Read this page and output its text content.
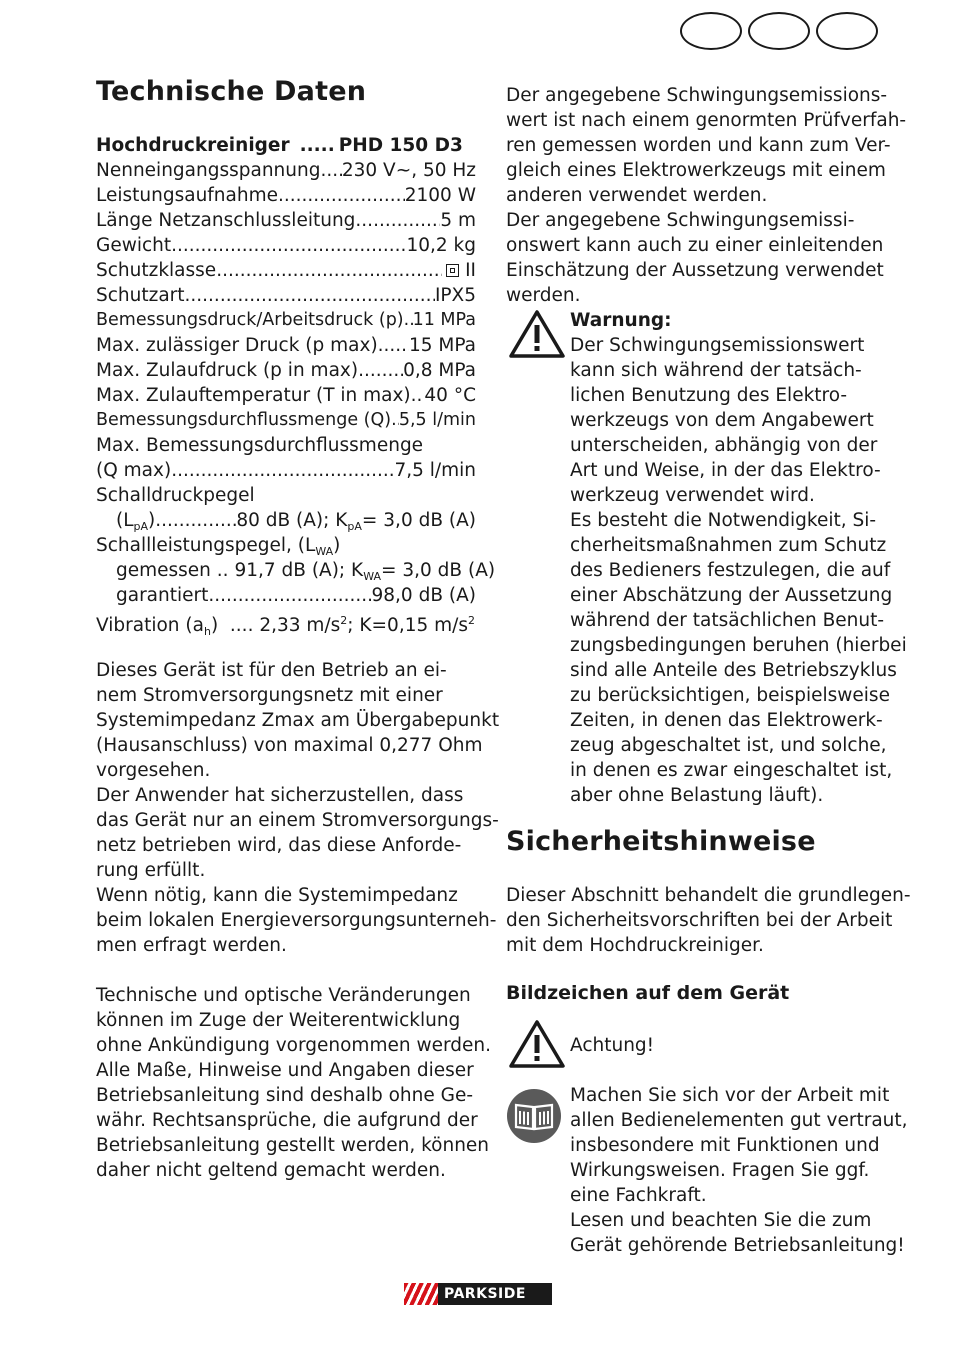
Technische Daten
Hochdruckreiniger ..... PHD 150 D3
Nenneingangsspannung ..... 230 V~, 50 Hz
Leistungsaufnahme .....	2100 W
Länge Netzanschlussleitung .....	5 m
Gewicht .....	10,2 kg
Schutzklasse .....	II
Schutzart .....	IPX5
Bemessungsdruck/Arbeitsdruck (p) ..... 11 MPa
Max. zulässiger Druck (p max) ..... 15 MPa
Max. Zulaufdruck (p in max) ..... 0,8 MPa
Max. Zulauftemperatur (T in max) ..... 40 °C
Bemessungsdurchflussmenge (Q) ..... 5,5 l/min
Max. Bemessungsdurchflussmenge
(Q max) .....	7,5 l/min
Schalldruckpegel
$(L_{pA})$ .....	80 dB (A); $K_{pA}= 3,0$ dB (A)
Schallleistungspegel, $(L_{WA})$
gemessen .. 91,7 dB (A); $K_{WA}= 3,0$ dB (A)
garantiert .....	98,0 dB (A)
Vibration $(a_h)$  .... 2,33 $m/s^2$; K=0,15 $m/s^2$
Dieses Gerät ist für den Betrieb an ei-
nem Stromversorgungsnetz mit einer
Systemimpedanz Zmax am Übergabepunkt
(Hausanschluss) von maximal 0,277 Ohm
vorgesehen.
Der Anwender hat sicherzustellen, dass
das Gerät nur an einem Stromversorgungs-
netz betrieben wird, das diese Anforde-
rung erfüllt.
Wenn nötig, kann die Systemimpedanz
beim lokalen Energieversorgungsunterneh-
men erfragt werden.
Technische und optische Veränderungen
können im Zuge der Weiterentwicklung
ohne Ankündigung vorgenommen werden.
Alle Maße, Hinweise und Angaben dieser
Betriebsanleitung sind deshalb ohne Ge-
währ. Rechtsansprüche, die aufgrund der
Betriebsanleitung gestellt werden, können
daher nicht geltend gemacht werden.
Der angegebene Schwingungsemissions-
wert ist nach einem genormten Prüfverfah-
ren gemessen worden und kann zum Ver-
gleich eines Elektrowerkzeugs mit einem
anderen verwendet werden.
Der angegebene Schwingungsemissi-
onswert kann auch zu einer einleitenden
Einschätzung der Aussetzung verwendet
werden.
Warnung:
Der Schwingungsemissionswert
kann sich während der tatsäch-
lichen Benutzung des Elektro-
werkzeugs von dem Angabewert
unterscheiden, abhängig von der
Art und Weise, in der das Elektro-
werkzeug verwendet wird.
Es besteht die Notwendigkeit, Si-
cherheitsmaßnahmen zum Schutz
des Bedieners festzulegen, die auf
einer Abschätzung der Aussetzung
während der tatsächlichen Benut-
zungsbedingungen beruhen (hierbei
sind alle Anteile des Betriebszyklus
zu berücksichtigen, beispielsweise
Zeiten, in denen das Elektrowerk-
zeug abgeschaltet ist, und solche,
in denen es zwar eingeschaltet ist,
aber ohne Belastung läuft).
Sicherheitshinweise
Dieser Abschnitt behandelt die grundlegen-
den Sicherheitsvorschriften bei der Arbeit
mit dem Hochdruckreiniger.
Bildzeichen auf dem Gerät
Achtung!
Machen Sie sich vor der Arbeit mit
allen Bedienelementen gut vertraut,
insbesondere mit Funktionen und
Wirkungsweisen. Fragen Sie ggf.
eine Fachkraft.
Lesen und beachten Sie die zum
Gerät gehörende Betriebsanleitung!
PARKSIDE
